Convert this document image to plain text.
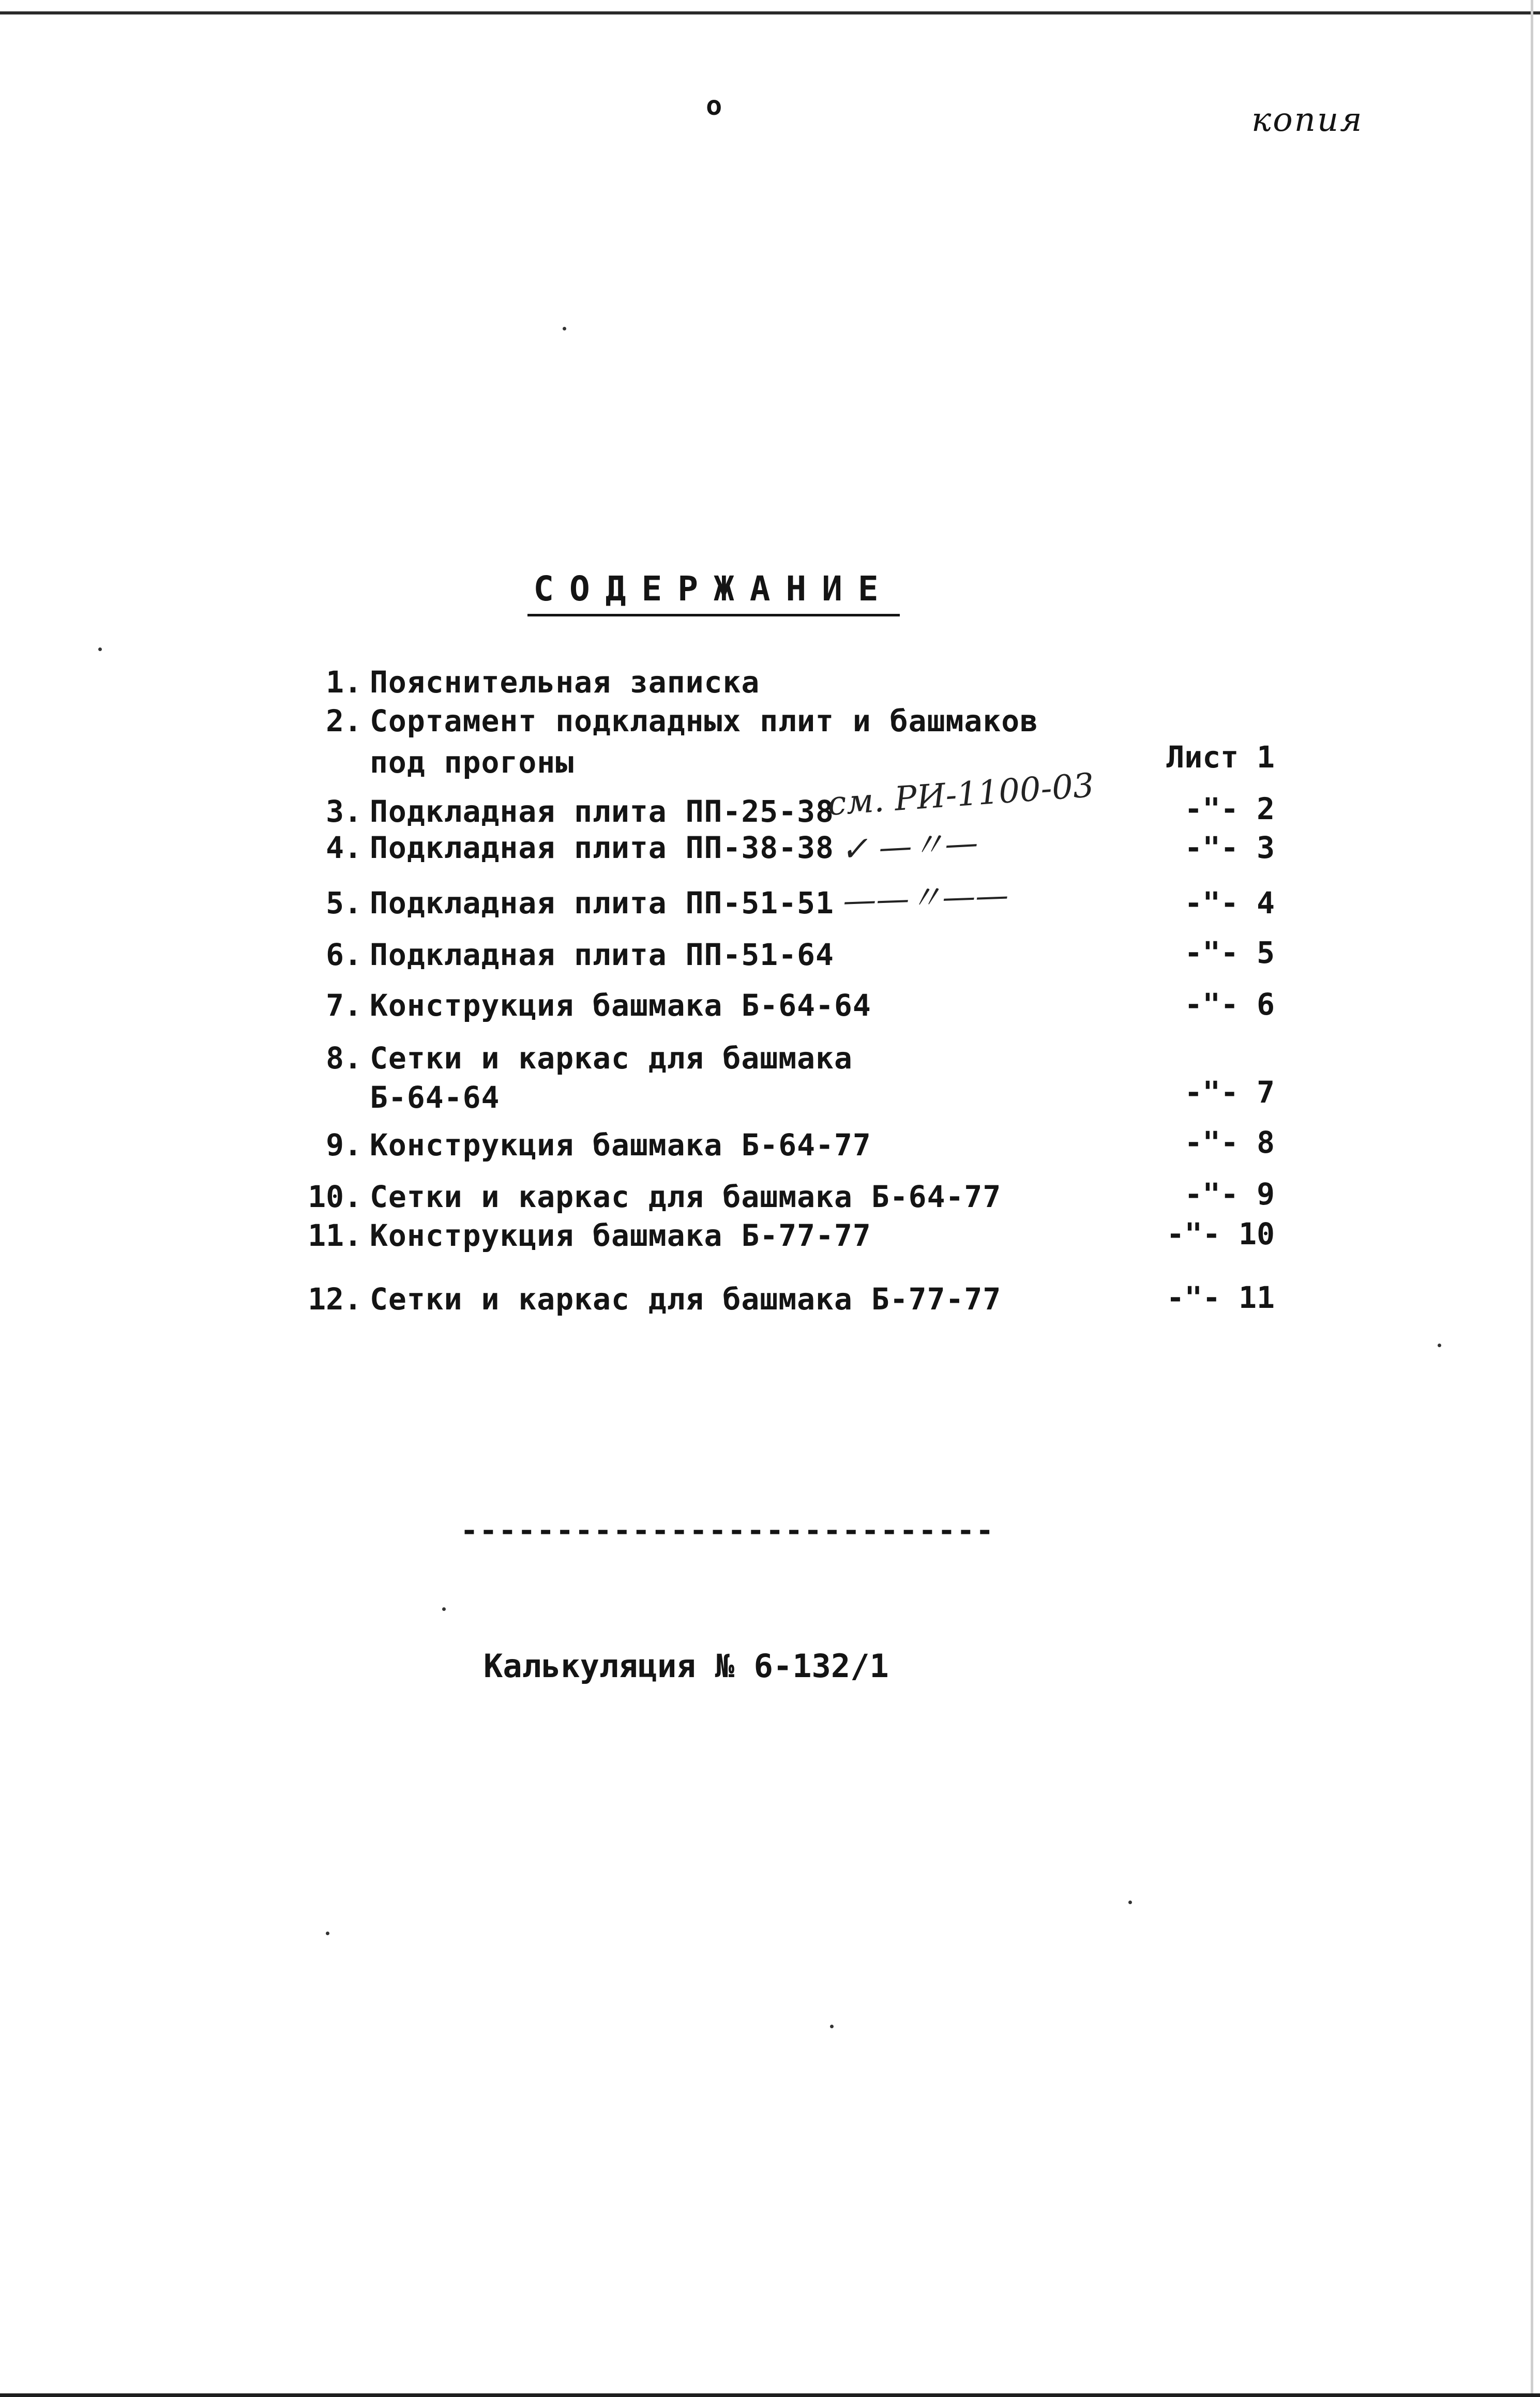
o	копия
СОДЕРЖАНИЕ
1. Пояснительная записка
2. Сортамент подкладных плит и башмаков
под прогоны	Лист 1
3. Подкладная плита ПП-25-38
см. РИ-1100-03	-"- 2
4. Подкладная плита ПП-38-38 ✓ —〃—	-"- 3
5. Подкладная плита ПП-51-51 ——〃——	-"- 4
6. Подкладная плита ПП-51-64	-"- 5
7. Конструкция башмака Б-64-64	-"- 6
8. Сетки и каркас для башмака
Б-64-64	-"- 7
9. Конструкция башмака Б-64-77	-"- 8
10. Сетки и каркас для башмака Б-64-77	-"- 9
11. Конструкция башмака Б-77-77	-"- 10
12. Сетки и каркас для башмака Б-77-77	-"- 11
----------------------------
Калькуляция № 6-132/1
